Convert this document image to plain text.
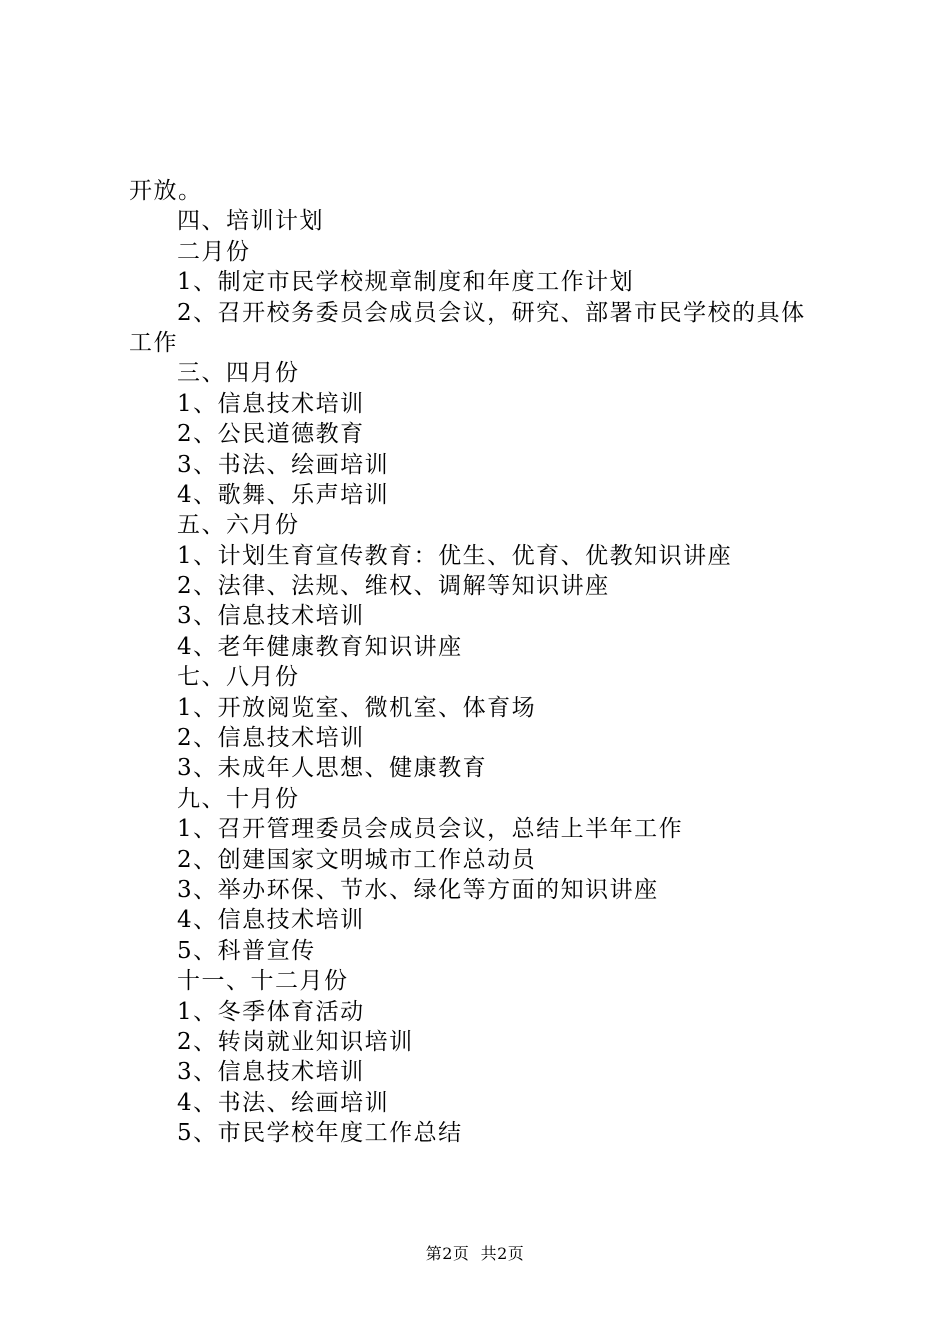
开放。
四、培训计划
二月份
1、制定市民学校规章制度和年度工作计划
2、召开校务委员会成员会议，研究、部署市民学校的具体
工作
三、四月份
1、信息技术培训
2、公民道德教育
3、书法、绘画培训
4、歌舞、乐声培训
五、六月份
1、计划生育宣传教育：优生、优育、优教知识讲座
2、法律、法规、维权、调解等知识讲座
3、信息技术培训
4、老年健康教育知识讲座
七、八月份
1、开放阅览室、微机室、体育场
2、信息技术培训
3、未成年人思想、健康教育
九、十月份
1、召开管理委员会成员会议，总结上半年工作
2、创建国家文明城市工作总动员
3、举办环保、节水、绿化等方面的知识讲座
4、信息技术培训
5、科普宣传
十一、十二月份
1、冬季体育活动
2、转岗就业知识培训
3、信息技术培训
4、书法、绘画培训
5、市民学校年度工作总结
第2页  共2页
